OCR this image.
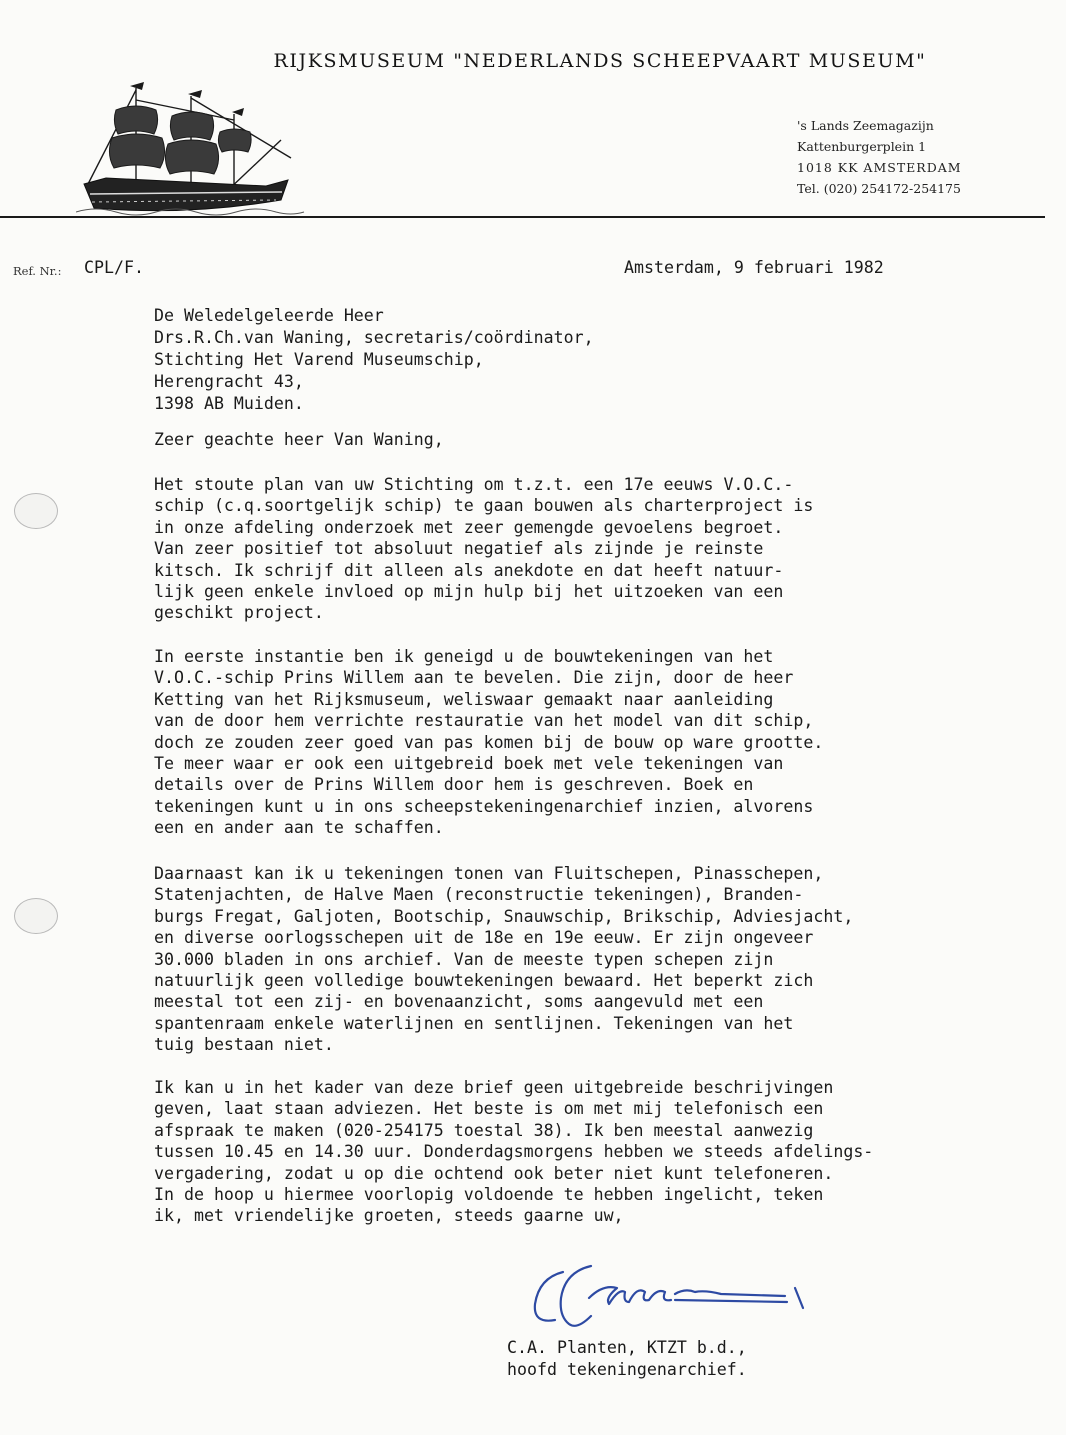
RIJKSMUSEUM "NEDERLANDS SCHEEPVAART MUSEUM"
's Lands Zeemagazijn
Kattenburgerplein 1
1018 KK AMSTERDAM
Tel. (020) 254172-254175
Ref. Nr.: CPL/F.	Amsterdam, 9 februari 1982
De Weledelgeleerde Heer
Drs.R.Ch.van Waning, secretaris/coördinator,
Stichting Het Varend Museumschip,
Herengracht 43,
1398 AB Muiden.
Zeer geachte heer Van Waning,
Het stoute plan van uw Stichting om t.z.t. een 17e eeuws V.O.C.-
schip (c.q.soortgelijk schip) te gaan bouwen als charterproject is
in onze afdeling onderzoek met zeer gemengde gevoelens begroet.
Van zeer positief tot absoluut negatief als zijnde je reinste
kitsch. Ik schrijf dit alleen als anekdote en dat heeft natuur-
lijk geen enkele invloed op mijn hulp bij het uitzoeken van een
geschikt project.
In eerste instantie ben ik geneigd u de bouwtekeningen van het
V.O.C.-schip Prins Willem aan te bevelen. Die zijn, door de heer
Ketting van het Rijksmuseum, weliswaar gemaakt naar aanleiding
van de door hem verrichte restauratie van het model van dit schip,
doch ze zouden zeer goed van pas komen bij de bouw op ware grootte.
Te meer waar er ook een uitgebreid boek met vele tekeningen van
details over de Prins Willem door hem is geschreven. Boek en
tekeningen kunt u in ons scheepstekeningenarchief inzien, alvorens
een en ander aan te schaffen.
Daarnaast kan ik u tekeningen tonen van Fluitschepen, Pinasschepen,
Statenjachten, de Halve Maen (reconstructie tekeningen), Branden-
burgs Fregat, Galjoten, Bootschip, Snauwschip, Brikschip, Adviesjacht,
en diverse oorlogsschepen uit de 18e en 19e eeuw. Er zijn ongeveer
30.000 bladen in ons archief. Van de meeste typen schepen zijn
natuurlijk geen volledige bouwtekeningen bewaard. Het beperkt zich
meestal tot een zij- en bovenaanzicht, soms aangevuld met een
spantenraam enkele waterlijnen en sentlijnen. Tekeningen van het
tuig bestaan niet.
Ik kan u in het kader van deze brief geen uitgebreide beschrijvingen
geven, laat staan adviezen. Het beste is om met mij telefonisch een
afspraak te maken (020-254175 toestal 38). Ik ben meestal aanwezig
tussen 10.45 en 14.30 uur. Donderdagsmorgens hebben we steeds afdelings-
vergadering, zodat u op die ochtend ook beter niet kunt telefoneren.
In de hoop u hiermee voorlopig voldoende te hebben ingelicht, teken
ik, met vriendelijke groeten, steeds gaarne uw,
C.A. Planten, KTZT b.d.,
hoofd tekeningenarchief.
